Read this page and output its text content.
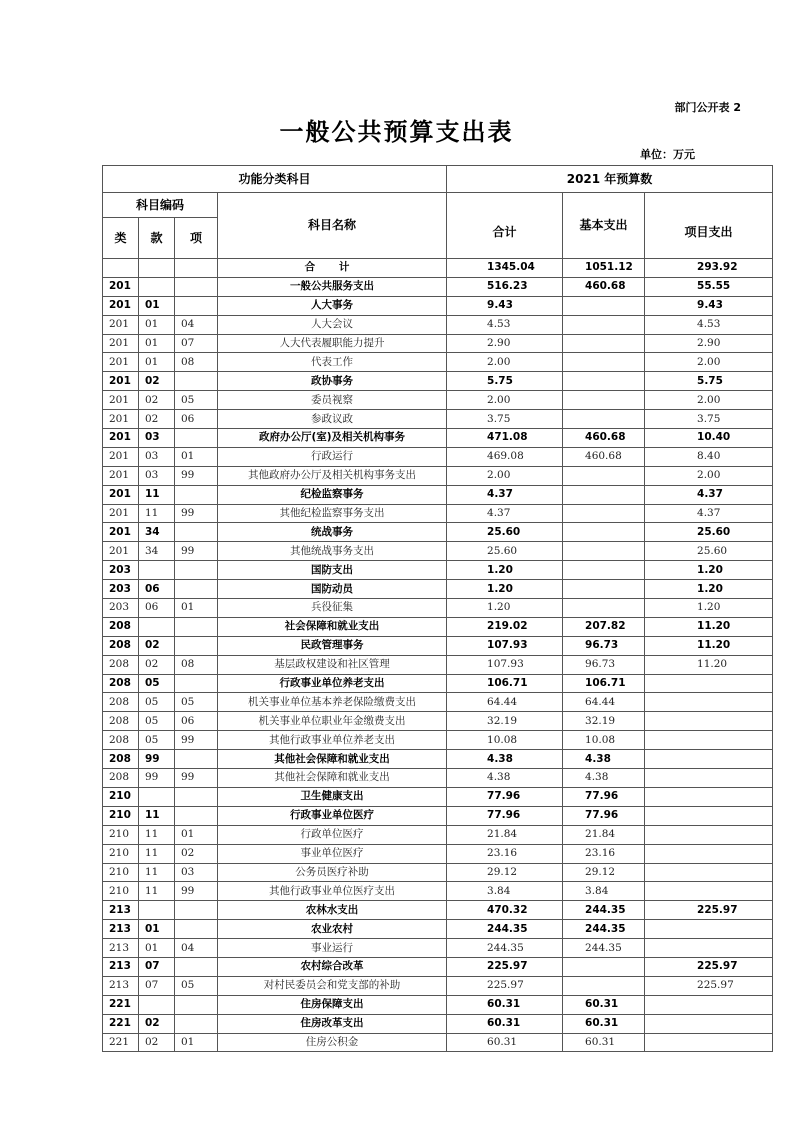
部门公开表 2
一般公共预算支出表
单位：万元
功能分类科目				2021 年预算数		
科目编码			科目名称	合计	基本支出	项目支出
类	款	项				
			合 计	1345.04	1051.12	293.92
201			一般公共服务支出	516.23	460.68	55.55
201	01		人大事务	9.43		9.43
201	01	04	人大会议	4.53		4.53
201	01	07	人大代表履职能力提升	2.90		2.90
201	01	08	代表工作	2.00		2.00
201	02		政协事务	5.75		5.75
201	02	05	委员视察	2.00		2.00
201	02	06	参政议政	3.75		3.75
201	03		政府办公厅(室)及相关机构事务	471.08	460.68	10.40
201	03	01	行政运行	469.08	460.68	8.40
201	03	99	其他政府办公厅及相关机构事务支出	2.00		2.00
201	11		纪检监察事务	4.37		4.37
201	11	99	其他纪检监察事务支出	4.37		4.37
201	34		统战事务	25.60		25.60
201	34	99	其他统战事务支出	25.60		25.60
203			国防支出	1.20		1.20
203	06		国防动员	1.20		1.20
203	06	01	兵役征集	1.20		1.20
208			社会保障和就业支出	219.02	207.82	11.20
208	02		民政管理事务	107.93	96.73	11.20
208	02	08	基层政权建设和社区管理	107.93	96.73	11.20
208	05		行政事业单位养老支出	106.71	106.71	
208	05	05	机关事业单位基本养老保险缴费支出	64.44	64.44	
208	05	06	机关事业单位职业年金缴费支出	32.19	32.19	
208	05	99	其他行政事业单位养老支出	10.08	10.08	
208	99		其他社会保障和就业支出	4.38	4.38	
208	99	99	其他社会保障和就业支出	4.38	4.38	
210			卫生健康支出	77.96	77.96	
210	11		行政事业单位医疗	77.96	77.96	
210	11	01	行政单位医疗	21.84	21.84	
210	11	02	事业单位医疗	23.16	23.16	
210	11	03	公务员医疗补助	29.12	29.12	
210	11	99	其他行政事业单位医疗支出	3.84	3.84	
213			农林水支出	470.32	244.35	225.97
213	01		农业农村	244.35	244.35	
213	01	04	事业运行	244.35	244.35	
213	07		农村综合改革	225.97		225.97
213	07	05	对村民委员会和党支部的补助	225.97		225.97
221			住房保障支出	60.31	60.31	
221	02		住房改革支出	60.31	60.31	
221	02	01	住房公积金	60.31	60.31	
